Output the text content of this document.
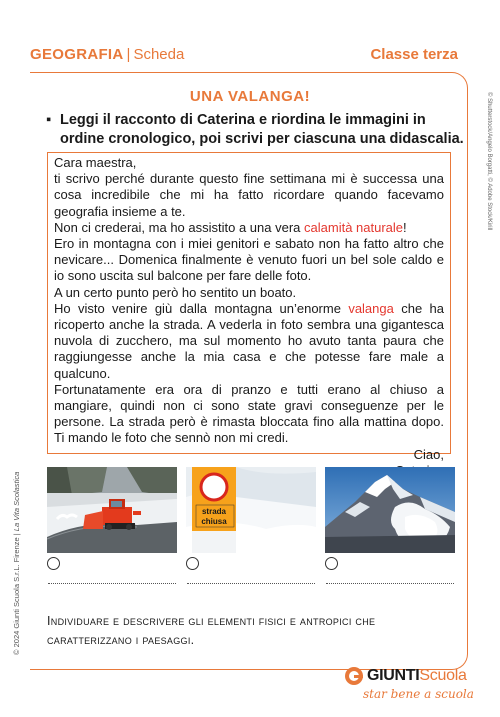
GEOGRAFIA | Scheda	Classe terza
UNA VALANGA!
▪ Leggi il racconto di Caterina e riordina le immagini in ordine cronologico, poi scrivi per ciascuna una didascalia.

Cara maestra,

ti scrivo perché durante questo fine settimana mi è successa una cosa incredibile che mi ha fatto ricordare quando facevamo geografia insieme a te.

Non ci crederai, ma ho assistito a una vera calamità naturale!

Ero in montagna con i miei genitori e sabato non ha fatto altro che nevicare... Domenica finalmente è venuto fuori un bel sole caldo e io sono uscita sul balcone per fare delle foto.

A un certo punto però ho sentito un boato.

Ho visto venire giù dalla montagna un’enorme valanga che ha ricoperto anche la strada. A vederla in foto sembra una gigantesca nuvola di zucchero, ma sul momento ho avuto tanta paura che raggiungesse anche la mia casa e che potesse fare male a qualcuno.

Fortunatamente era ora di pranzo e tutti erano al chiuso a mangiare, quindi non ci sono state gravi conseguenze per le persone. La strada però è rimasta bloccata fino alla mattina dopo. Ti mando le foto che sennò non mi credi.

Ciao,

strada
chiusa
Individuare e descrivere gli elementi fisici e antropici che caratterizzano i paesaggi.
© 2024 Giunti Scuola S.r.L. Firenze | La Vita Scolastica
© Shutterstock/Angelo Borgatti, © Adobe Stock/Kirill
GIUNTIScuola
star bene a scuola
